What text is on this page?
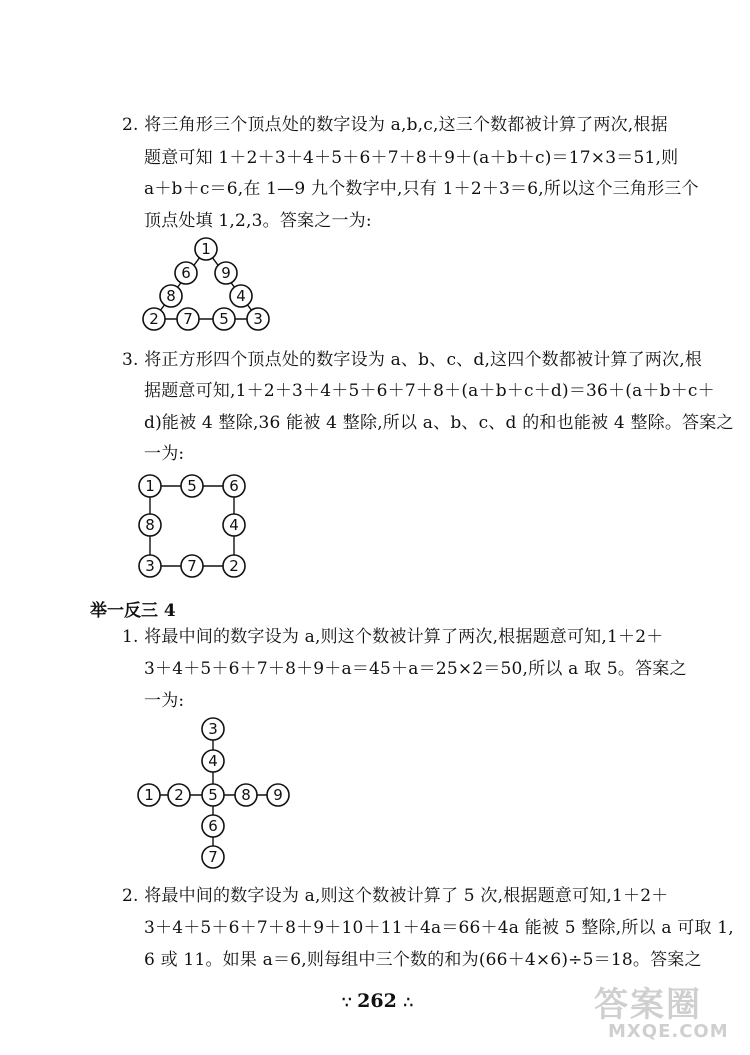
2. 将三角形三个顶点处的数字设为 a,b,c,这三个数都被计算了两次,根据
题意可知 1＋2＋3＋4＋5＋6＋7＋8＋9＋(a＋b＋c)＝17×3＝51,则
a＋b＋c＝6,在 1—9 九个数字中,只有 1＋2＋3＝6,所以这个三角形三个
顶点处填 1,2,3。答案之一为:
1
6 9
8	4
2 7 5 3
3. 将正方形四个顶点处的数字设为 a、b、c、d,这四个数都被计算了两次,根
据题意可知,1＋2＋3＋4＋5＋6＋7＋8＋(a＋b＋c＋d)＝36＋(a＋b＋c＋
d)能被 4 整除,36 能被 4 整除,所以 a、b、c、d 的和也能被 4 整除。答案之
一为:
1 5 6
8	4
3 7 2
举一反三 4
1. 将最中间的数字设为 a,则这个数被计算了两次,根据题意可知,1＋2＋
3＋4＋5＋6＋7＋8＋9＋a＝45＋a＝25×2＝50,所以 a 取 5。答案之
一为:
3
4
1 2 5 8 9
6
7
2. 将最中间的数字设为 a,则这个数被计算了 5 次,根据题意可知,1＋2＋
3＋4＋5＋6＋7＋8＋9＋10＋11＋4a＝66＋4a 能被 5 整除,所以 a 可取 1,
6 或 11。如果 a＝6,则每组中三个数的和为(66＋4×6)÷5＝18。答案之
∵ 262 ∴	答案圈
MXQE.COM
